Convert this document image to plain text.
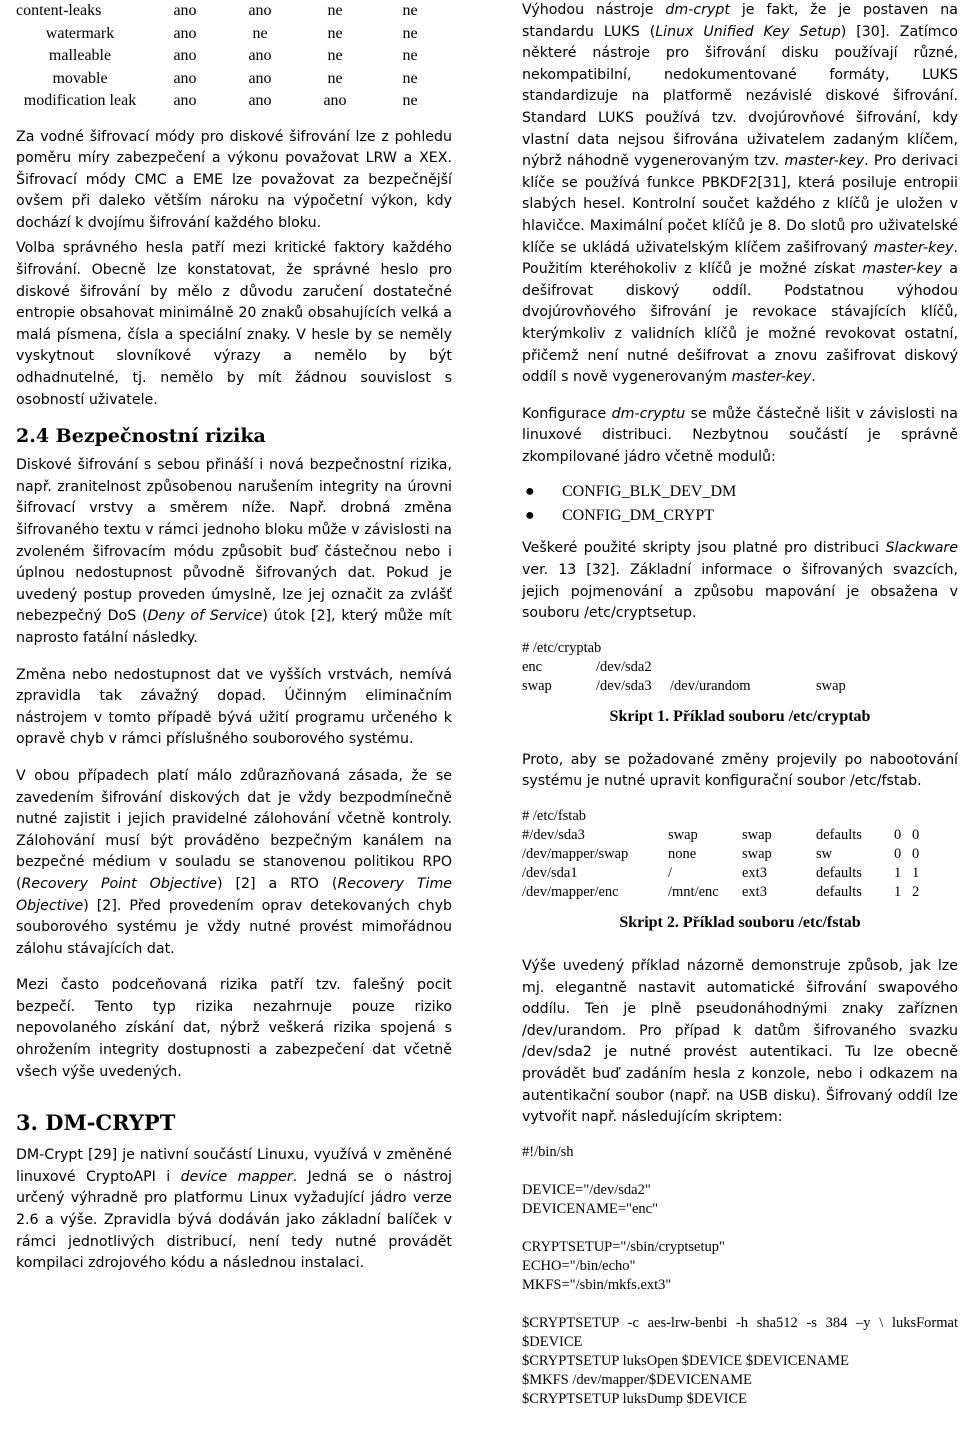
content-leaks	ano	ano	ne	ne
watermark	ano	ne	ne	ne
malleable	ano	ano	ne	ne
movable	ano	ano	ne	ne
modification leak	ano	ano	ano	ne

Za vodné šifrovací módy pro diskové šifrování lze z pohledu poměru míry zabezpečení a výkonu považovat LRW a XEX. Šifrovací módy CMC a EME lze považovat za bezpečnější ovšem při daleko větším nároku na výpočetní výkon, kdy dochází k dvojímu šifrování každého bloku.

Volba správného hesla patří mezi kritické faktory každého šifrování. Obecně lze konstatovat, že správné heslo pro diskové šifrování by mělo z důvodu zaručení dostatečné entropie obsahovat minimálně 20 znaků obsahujících velká a malá písmena, čísla a speciální znaky. V hesle by se neměly vyskytnout slovníkové výrazy a nemělo by být odhadnutelné, tj. nemělo by mít žádnou souvislost s osobností uživatele.

2.4 Bezpečnostní rizika

Diskové šifrování s sebou přináší i nová bezpečnostní rizika, např. zranitelnost způsobenou narušením integrity na úrovni šifrovací vrstvy a směrem níže. Např. drobná změna šifrovaného textu v rámci jednoho bloku může v závislosti na zvoleném šifrovacím módu způsobit buď částečnou nebo i úplnou nedostupnost původně šifrovaných dat. Pokud je uvedený postup proveden úmyslně, lze jej označit za zvlášť nebezpečný DoS (Deny of Service) útok [2], který může mít naprosto fatální následky.

Změna nebo nedostupnost dat ve vyšších vrstvách, nemívá zpravidla tak závažný dopad. Účinným eliminačním nástrojem v tomto případě bývá užití programu určeného k opravě chyb v rámci příslušného souborového systému.

V obou případech platí málo zdůrazňovaná zásada, že se zavedením šifrování diskových dat je vždy bezpodmínečně nutné zajistit i jejich pravidelné zálohování včetně kontroly. Zálohování musí být prováděno bezpečným kanálem na bezpečné médium v souladu se stanovenou politikou RPO (Recovery Point Objective) [2] a RTO (Recovery Time Objective) [2]. Před provedením oprav detekovaných chyb souborového systému je vždy nutné provést mimořádnou zálohu stávajících dat.

Mezi často podceňovaná rizika patří tzv. falešný pocit bezpečí. Tento typ rizika nezahrnuje pouze riziko nepovolaného získání dat, nýbrž veškerá rizika spojená s ohrožením integrity dostupnosti a zabezpečení dat včetně všech výše uvedených.

3. DM-CRYPT

DM-Crypt [29] je nativní součástí Linuxu, využívá v změněné linuxové CryptoAPI i device mapper. Jedná se o nástroj určený výhradně pro platformu Linux vyžadující jádro verze 2.6 a výše. Zpravidla bývá dodáván jako základní balíček v rámci jednotlivých distribucí, není tedy nutné provádět kompilaci zdrojového kódu a následnou instalaci.

Výhodou nástroje dm-crypt je fakt, že je postaven na standardu LUKS (Linux Unified Key Setup) [30]. Zatímco některé nástroje pro šifrování disku používají různé, nekompatibilní, nedokumentované formáty, LUKS standardizuje na platformě nezávislé diskové šifrování. Standard LUKS používá tzv. dvojúrovňové šifrování, kdy vlastní data nejsou šifrována uživatelem zadaným klíčem, nýbrž náhodně vygenerovaným tzv. master-key. Pro derivaci klíče se používá funkce PBKDF2[31], která posiluje entropii slabých hesel. Kontrolní součet každého z klíčů je uložen v hlavičce. Maximální počet klíčů je 8. Do slotů pro uživatelské klíče se ukládá uživatelským klíčem zašifrovaný master-key. Použitím kteréhokoliv z klíčů je možné získat master-key a dešifrovat diskový oddíl. Podstatnou výhodou dvojúrovňového šifrování je revokace stávajících klíčů, kterýmkoliv z validních klíčů je možné revokovat ostatní, přičemž není nutné dešifrovat a znovu zašifrovat diskový oddíl s nově vygenerovaným master-key.

Konfigurace dm-cryptu se může částečně lišit v závislosti na linuxové distribuci. Nezbytnou součástí je správně zkompilované jádro včetně modulů:

● CONFIG_BLK_DEV_DM
● CONFIG_DM_CRYPT

Veškeré použité skripty jsou platné pro distribuci Slackware ver. 13 [32]. Základní informace o šifrovaných svazcích, jejich pojmenování a způsobu mapování je obsažena v souboru /etc/cryptsetup.

# /etc/cryptab
enc	/dev/sda2		
swap	/dev/sda3	/dev/urandom	swap
Skript 1. Příklad souboru /etc/cryptab

Proto, aby se požadované změny projevily po nabootování systému je nutné upravit konfigurační soubor /etc/fstab.

# /etc/fstab
#/dev/sda3	swap	swap	defaults	0	0
/dev/mapper/swap	none	swap	sw	0	0
/dev/sda1	/	ext3	defaults	1	1
/dev/mapper/enc	/mnt/enc	ext3	defaults	1	2
Skript 2. Příklad souboru /etc/fstab

Výše uvedený příklad názorně demonstruje způsob, jak lze mj. elegantně nastavit automatické šifrování swapového oddílu. Ten je plně pseudonáhodnými znaky zaříznen /dev/urandom. Pro případ k datům šifrovaného svazku /dev/sda2 je nutné provést autentikaci. Tu lze obecně provádět buď zadáním hesla z konzole, nebo i odkazem na autentikační soubor (např. na USB disku). Šifrovaný oddíl lze vytvořit např. následujícím skriptem:

#!/bin/sh
DEVICE="/dev/sda2"
DEVICENAME="enc"
CRYPTSETUP="/sbin/cryptsetup"
ECHO="/bin/echo"
MKFS="/sbin/mkfs.ext3"
$CRYPTSETUP -c aes-lrw-benbi -h sha512 -s 384 –y \ luksFormat $DEVICE
$CRYPTSETUP luksOpen $DEVICE $DEVICENAME
$MKFS /dev/mapper/$DEVICENAME
$CRYPTSETUP luksDump $DEVICE
